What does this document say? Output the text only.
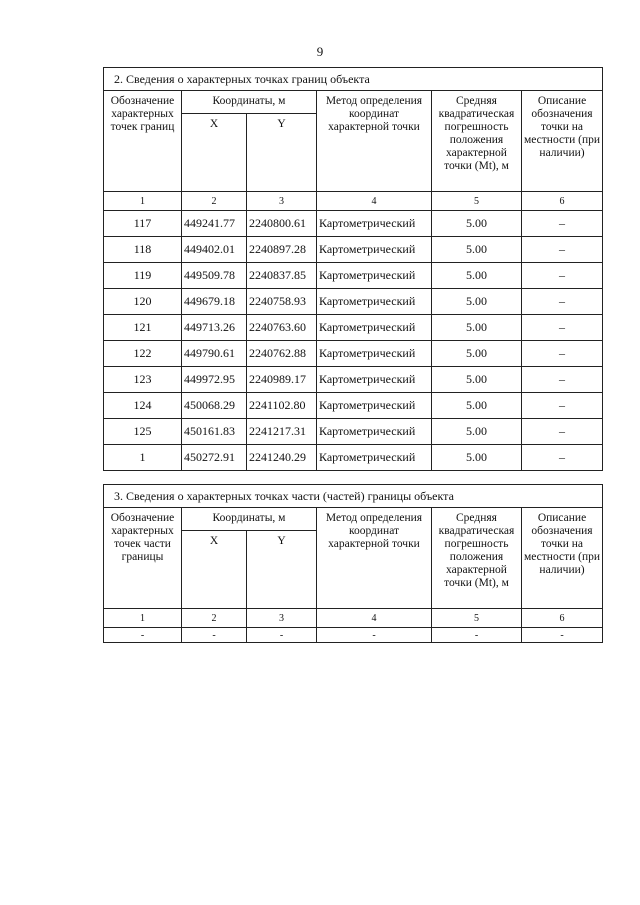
9
2. Сведения о характерных точках границ объекта					
Обозначение характерных точек границ	Координаты, м		Метод определения координат характерной точки	Средняя квадратическая погрешность положения характерной точки (Mt), м	Описание обозначения точки на местности (при наличии)
	X	Y			
1	2	3	4	5	6
117	449241.77	2240800.61	Картометрический	5.00	–
118	449402.01	2240897.28	Картометрический	5.00	–
119	449509.78	2240837.85	Картометрический	5.00	–
120	449679.18	2240758.93	Картометрический	5.00	–
121	449713.26	2240763.60	Картометрический	5.00	–
122	449790.61	2240762.88	Картометрический	5.00	–
123	449972.95	2240989.17	Картометрический	5.00	–
124	450068.29	2241102.80	Картометрический	5.00	–
125	450161.83	2241217.31	Картометрический	5.00	–
1	450272.91	2241240.29	Картометрический	5.00	–
3. Сведения о характерных точках части (частей) границы объекта					
Обозначение характерных точек части границы	Координаты, м		Метод определения координат характерной точки	Средняя квадратическая погрешность положения характерной точки (Mt), м	Описание обозначения точки на местности (при наличии)
	X	Y			
1	2	3	4	5	6
-	-	-	-	-	-
